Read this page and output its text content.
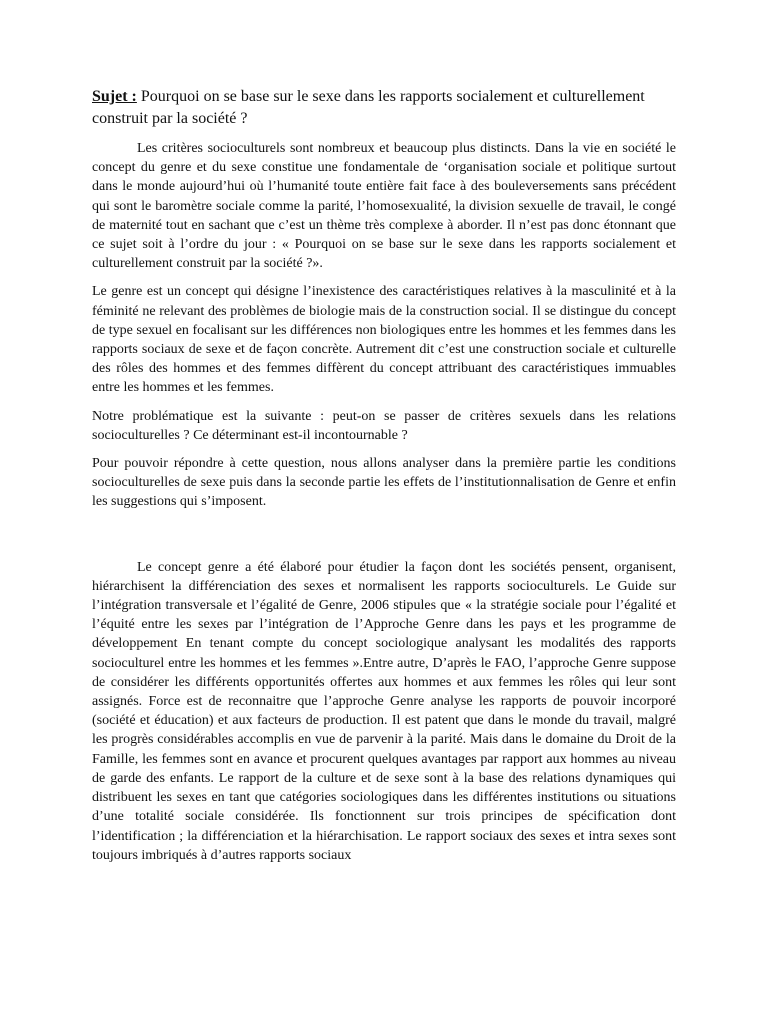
Sujet : Pourquoi on se base sur le sexe dans les rapports socialement et culturellement construit par la société ?

Les critères socioculturels sont nombreux et beaucoup plus distincts. Dans la vie en société le concept du genre et du sexe constitue une fondamentale de ‘organisation sociale et politique surtout dans le monde aujourd’hui où l’humanité toute entière fait face à des bouleversements sans précédent qui sont le baromètre sociale comme la parité, l’homosexualité, la division sexuelle de travail, le congé de maternité tout en sachant que c’est un thème très complexe à aborder. Il n’est pas donc étonnant que ce sujet soit à l’ordre du jour : « Pourquoi on se base sur le sexe dans les rapports socialement et culturellement construit par la société ?».

Le genre est un concept qui désigne l’inexistence des caractéristiques relatives à la masculinité et à la féminité ne relevant des problèmes de biologie mais de la construction social. Il se distingue du concept de type sexuel en focalisant sur les différences non biologiques entre les hommes et les femmes dans les rapports sociaux de sexe et de façon concrète. Autrement dit c’est une construction sociale et culturelle des rôles des hommes et des femmes diffèrent du concept attribuant des caractéristiques immuables entre les hommes et les femmes.

Notre problématique est la suivante : peut-on se passer de critères sexuels dans les relations socioculturelles ? Ce déterminant est-il incontournable ?

Pour pouvoir répondre à cette question, nous allons analyser dans la première partie les conditions socioculturelles de sexe puis dans la seconde partie les effets de l’institutionnalisation de Genre et enfin les suggestions qui s’imposent.

Le concept genre a été élaboré pour étudier la façon dont les sociétés pensent, organisent, hiérarchisent la différenciation des sexes et normalisent les rapports socioculturels. Le Guide sur l’intégration transversale et l’égalité de Genre, 2006 stipules que « la stratégie sociale pour l’égalité et l’équité entre les sexes par l’intégration de l’Approche Genre dans les pays et les programme de développement En tenant compte du concept sociologique analysant les modalités des rapports socioculturel entre les hommes et les femmes ».Entre autre, D’après le FAO, l’approche Genre suppose de considérer les différents opportunités offertes aux hommes et aux femmes les rôles qui leur sont assignés. Force est de reconnaitre que l’approche Genre analyse les rapports de pouvoir incorporé (société et éducation) et aux facteurs de production. Il est patent que dans le monde du travail, malgré les progrès considérables accomplis en vue de parvenir à la parité. Mais dans le domaine du Droit de la Famille, les femmes sont en avance et procurent quelques avantages par rapport aux hommes au niveau de garde des enfants. Le rapport de la culture et de sexe sont à la base des relations dynamiques qui distribuent les sexes en tant que catégories sociologiques dans les différentes institutions ou situations d’une totalité sociale considérée. Ils fonctionnent sur trois principes de spécification dont l’identification ; la différenciation et la hiérarchisation. Le rapport sociaux des sexes et intra sexes sont toujours imbriqués à d’autres rapports sociaux
